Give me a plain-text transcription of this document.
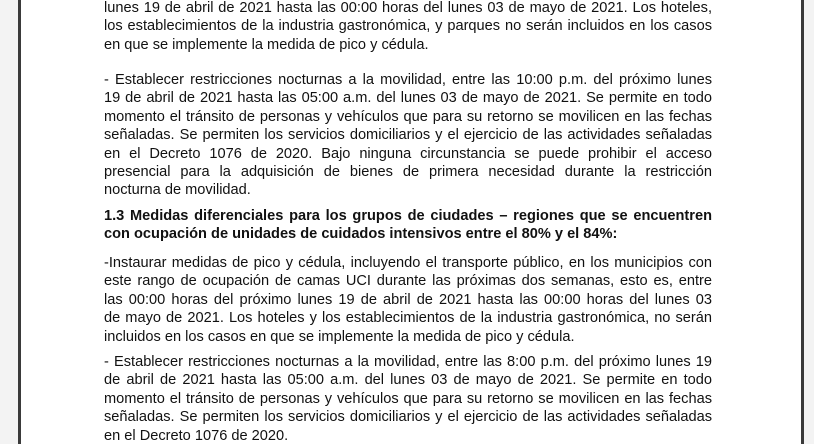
lunes 19 de abril de 2021 hasta las 00:00 horas del lunes 03 de mayo de 2021. Los hoteles,
los establecimientos de la industria gastronómica, y parques no serán incluidos en los casos
en que se implemente la medida de pico y cédula.
- Establecer restricciones nocturnas a la movilidad, entre las 10:00 p.m. del próximo lunes
19 de abril de 2021 hasta las 05:00 a.m. del lunes 03 de mayo de 2021. Se permite en todo
momento el tránsito de personas y vehículos que para su retorno se movilicen en las fechas
señaladas. Se permiten los servicios domiciliarios y el ejercicio de las actividades señaladas
en el Decreto 1076 de 2020. Bajo ninguna circunstancia se puede prohibir el acceso
presencial para la adquisición de bienes de primera necesidad durante la restricción
nocturna de movilidad.
1.3 Medidas diferenciales para los grupos de ciudades – regiones que se encuentren
con ocupación de unidades de cuidados intensivos entre el 80% y el 84%:
-Instaurar medidas de pico y cédula, incluyendo el transporte público, en los municipios con
este rango de ocupación de camas UCI durante las próximas dos semanas, esto es, entre
las 00:00 horas del próximo lunes 19 de abril de 2021 hasta las 00:00 horas del lunes 03
de mayo de 2021. Los hoteles y los establecimientos de la industria gastronómica, no serán
incluidos en los casos en que se implemente la medida de pico y cédula.
- Establecer restricciones nocturnas a la movilidad, entre las 8:00 p.m. del próximo lunes 19
de abril de 2021 hasta las 05:00 a.m. del lunes 03 de mayo de 2021. Se permite en todo
momento el tránsito de personas y vehículos que para su retorno se movilicen en las fechas
señaladas. Se permiten los servicios domiciliarios y el ejercicio de las actividades señaladas
en el Decreto 1076 de 2020.
